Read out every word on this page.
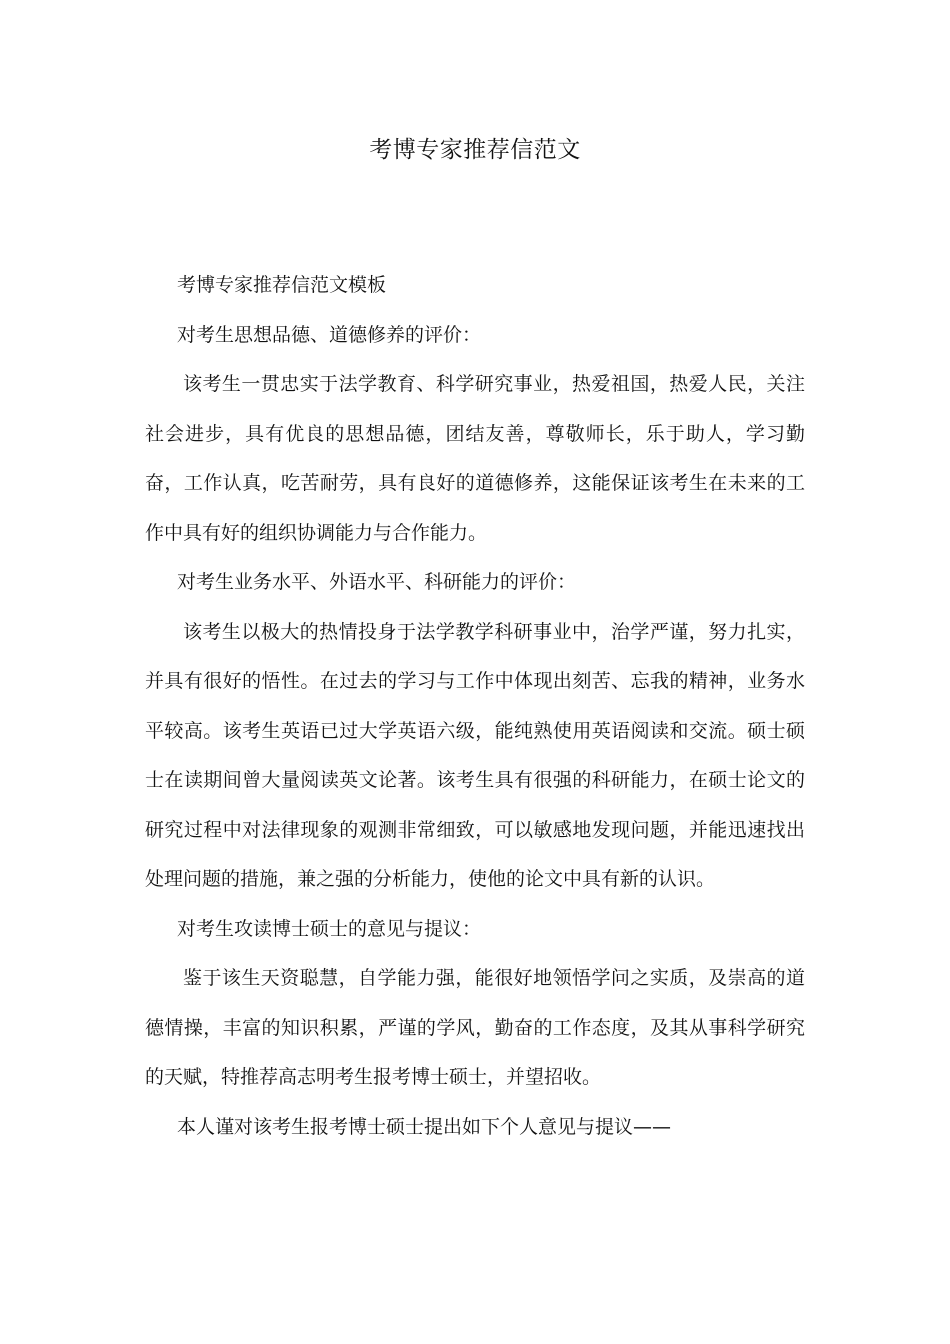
考博专家推荐信范文

考博专家推荐信范文模板

对考生思想品德、道德修养的评价：

该考生一贯忠实于法学教育、科学研究事业，热爱祖国，热爱人民，关注社会进步，具有优良的思想品德，团结友善，尊敬师长，乐于助人，学习勤奋，工作认真，吃苦耐劳，具有良好的道德修养，这能保证该考生在未来的工作中具有好的组织协调能力与合作能力。

对考生业务水平、外语水平、科研能力的评价：

该考生以极大的热情投身于法学教学科研事业中，治学严谨，努力扎实，并具有很好的悟性。在过去的学习与工作中体现出刻苦、忘我的精神，业务水平较高。该考生英语已过大学英语六级，能纯熟使用英语阅读和交流。硕士硕士在读期间曾大量阅读英文论著。该考生具有很强的科研能力，在硕士论文的研究过程中对法律现象的观测非常细致，可以敏感地发现问题，并能迅速找出处理问题的措施，兼之强的分析能力，使他的论文中具有新的认识。

对考生攻读博士硕士的意见与提议：

鉴于该生天资聪慧，自学能力强，能很好地领悟学问之实质，及崇高的道德情操，丰富的知识积累，严谨的学风，勤奋的工作态度，及其从事科学研究的天赋，特推荐高志明考生报考博士硕士，并望招收。

本人谨对该考生报考博士硕士提出如下个人意见与提议——
